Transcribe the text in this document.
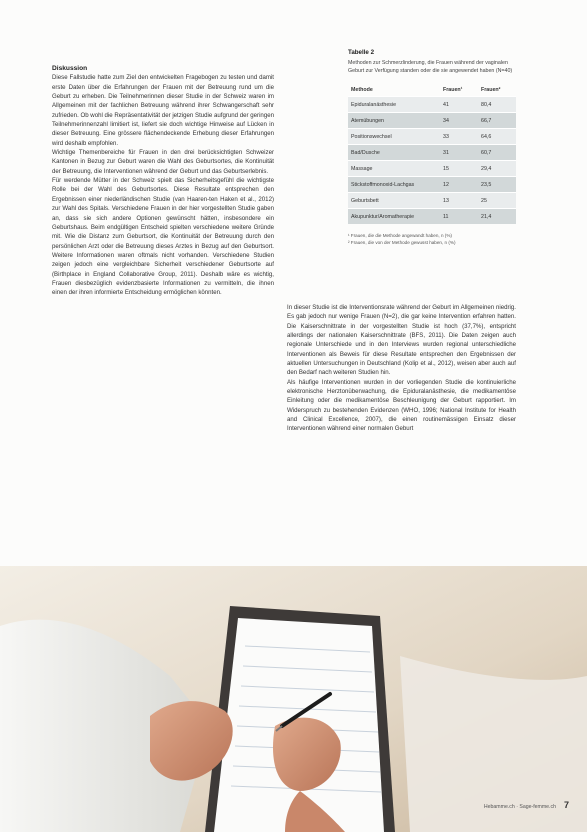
Diskussion

Diese Fallstudie hatte zum Ziel den entwickelten Fragebogen zu testen und damit erste Daten über die Erfahrungen der Frauen mit der Betreuung rund um die Geburt zu erheben. Die Teilnehmerinnen dieser Studie in der Schweiz waren im Allgemeinen mit der fachlichen Betreuung während ihrer Schwangerschaft sehr zufrieden. Ob wohl die Repräsentativität der jetzigen Studie aufgrund der geringen Teilnehmerinnenzahl limitiert ist, liefert sie doch wichtige Hinweise auf Lücken in dieser Betreuung. Eine grössere flächendeckende Erhebung dieser Erfahrungen wird deshalb empfohlen.

Wichtige Themenbereiche für Frauen in den drei berücksichtigten Schweizer Kantonen in Bezug zur Geburt waren die Wahl des Geburtsortes, die Kontinuität der Betreuung, die Interventionen während der Geburt und das Geburtserlebnis.

Für werdende Mütter in der Schweiz spielt das Sicherheitsgefühl die wichtigste Rolle bei der Wahl des Geburtsortes. Diese Resultate entsprechen den Ergebnissen einer niederländischen Studie (van Haaren-ten Haken et al., 2012) zur Wahl des Spitals. Verschiedene Frauen in der hier vorgestellten Studie gaben an, dass sie sich andere Optionen gewünscht hätten, insbesondere ein Geburtshaus. Beim endgültigen Entscheid spielten verschiedene weitere Gründe mit. Wie die Distanz zum Geburtsort, die Kontinuität der Betreuung durch den persönlichen Arzt oder die Betreuung dieses Arztes in Bezug auf den Geburtsort. Weitere Informationen waren oftmals nicht vorhanden. Verschiedene Studien zeigen jedoch eine vergleichbare Sicherheit verschiedener Geburtsorte auf (Birthplace in England Collaborative Group, 2011). Deshalb wäre es wichtig, Frauen diesbezüglich evidenzbasierte Informationen zu vermitteln, die ihnen einen der ihren informierte Entscheidung ermöglichen könnten.

Tabelle 2
Methoden zur Schmerzlinderung, die Frauen während der vaginalen Geburt zur Verfügung standen oder die sie angewendet haben (N=40)
Methode	Frauen¹	Frauen²
Epiduralanästhesie	41	80,4
Atemübungen	34	66,7
Positionswechsel	33	64,6
Bad/Dusche	31	60,7
Massage	15	29,4
Stickstoffmonoxid-Lachgas	12	23,5
Geburtsbett	13	25
Akupunktur/Aromatherapie	11	21,4
¹ Frauen, die die Methode angewandt haben, n (%)
² Frauen, die von der Methode gewusst haben, n (%)

In dieser Studie ist die Interventionsrate während der Geburt im Allgemeinen niedrig. Es gab jedoch nur wenige Frauen (N=2), die gar keine Intervention erfahren hatten. Die Kaiserschnittrate in der vorgestellten Studie ist hoch (37,7%), entspricht allerdings der nationalen Kaiserschnittrate (BFS, 2011). Die Daten zeigen auch regionale Unterschiede und in den Interviews wurden regional unterschiedliche Interventionen als Beweis für diese Resultate entsprechen den Ergebnissen der aktuellen Untersuchungen in Deutschland (Kolip et al., 2012), weisen aber auch auf den Bedarf nach weiteren Studien hin.

Als häufige Interventionen wurden in der vorliegenden Studie die kontinuierliche elektronische Herztonüberwachung, die Epiduralanästhesie, die medikamentöse Einleitung oder die medikamentöse Beschleunigung der Geburt rapportiert. Im Widerspruch zu bestehenden Evidenzen (WHO, 1996; National Institute for Health and Clinical Excellence, 2007), die einen routinemässigen Einsatz dieser Interventionen während einer normalen Geburt

Hebamme.ch · Sage-femme.ch 7
